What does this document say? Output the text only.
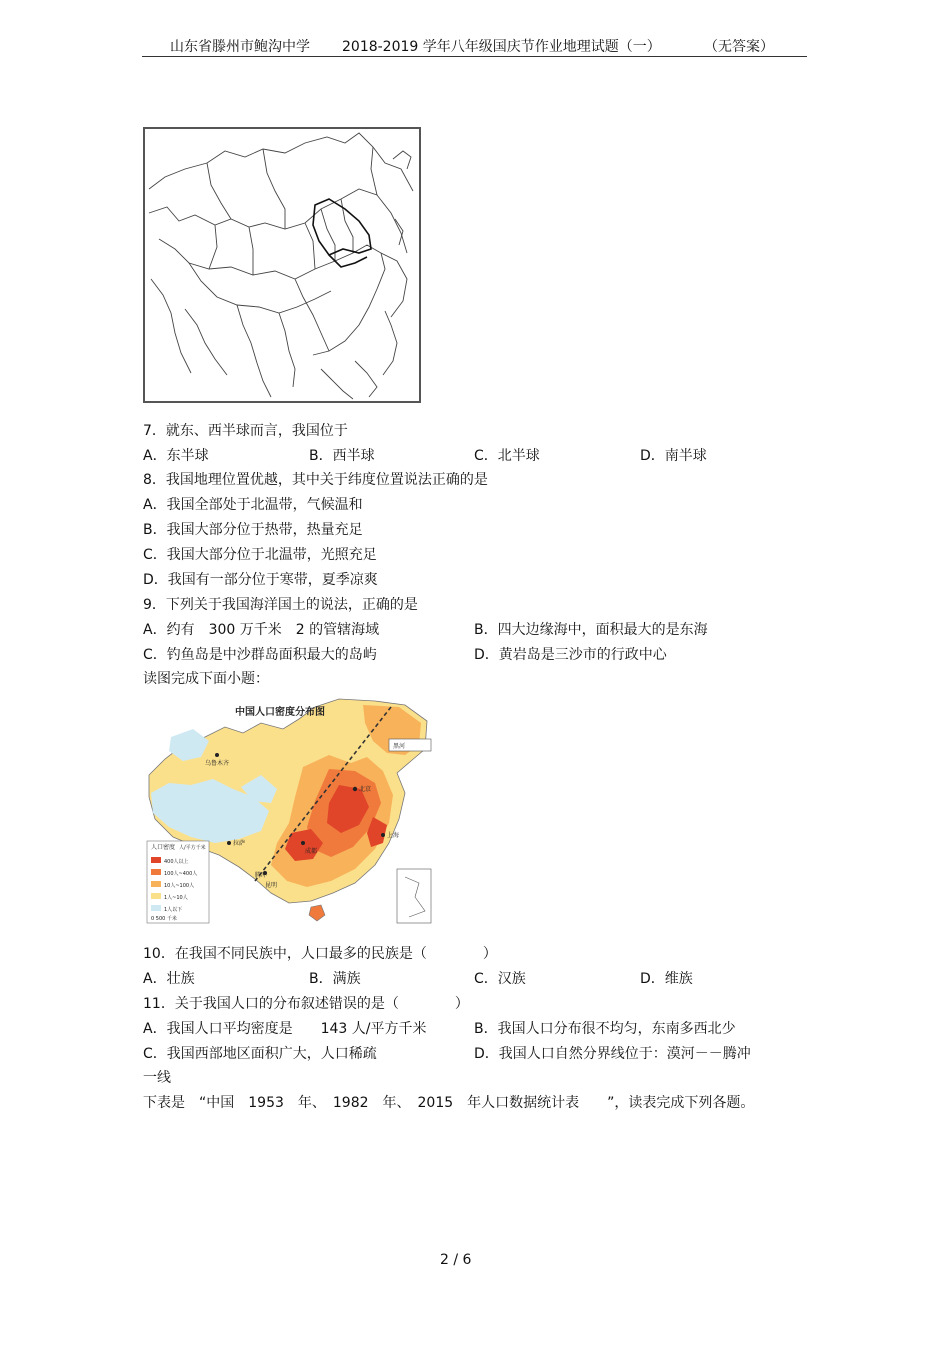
山东省滕州市鲍沟中学 2018-2019 学年八年级国庆节作业地理试题（一）	（无答案）
7．就东、西半球而言，我国位于
A．东半球	B．西半球	C．北半球	D．南半球
8．我国地理位置优越，其中关于纬度位置说法正确的是
A．我国全部处于北温带，气候温和
B．我国大部分位于热带，热量充足
C．我国大部分位于北温带，光照充足
D．我国有一部分位于寒带，夏季凉爽
9．下列关于我国海洋国土的说法，正确的是
A．约有　300 万千米　2 的管辖海域	B．四大边缘海中，面积最大的是东海
C．钓鱼岛是中沙群岛面积最大的岛屿	D．黄岩岛是三沙市的行政中心
读图完成下面小题：
中国人口密度分布图
乌鲁木齐
拉萨
北京
上海
成都
昆明
黑河
腾冲
人口密度 人/平方千米
400人以上
100人~400人
10人~100人
1人~10人
1人以下
0 500 千米
10．在我国不同民族中，人口最多的民族是（　　　　）
A．壮族	B．满族	C．汉族	D．维族
11．关于我国人口的分布叙述错误的是（　　　　）
A．我国人口平均密度是　　143 人/平方千米	B．我国人口分布很不均匀，东南多西北少
C．我国西部地区面积广大，人口稀疏	D．我国人口自然分界线位于：漠河－－腾冲
一线
下表是　“中国　1953　年、　1982　年、　2015　年人口数据统计表　　”，读表完成下列各题。
2 / 6
